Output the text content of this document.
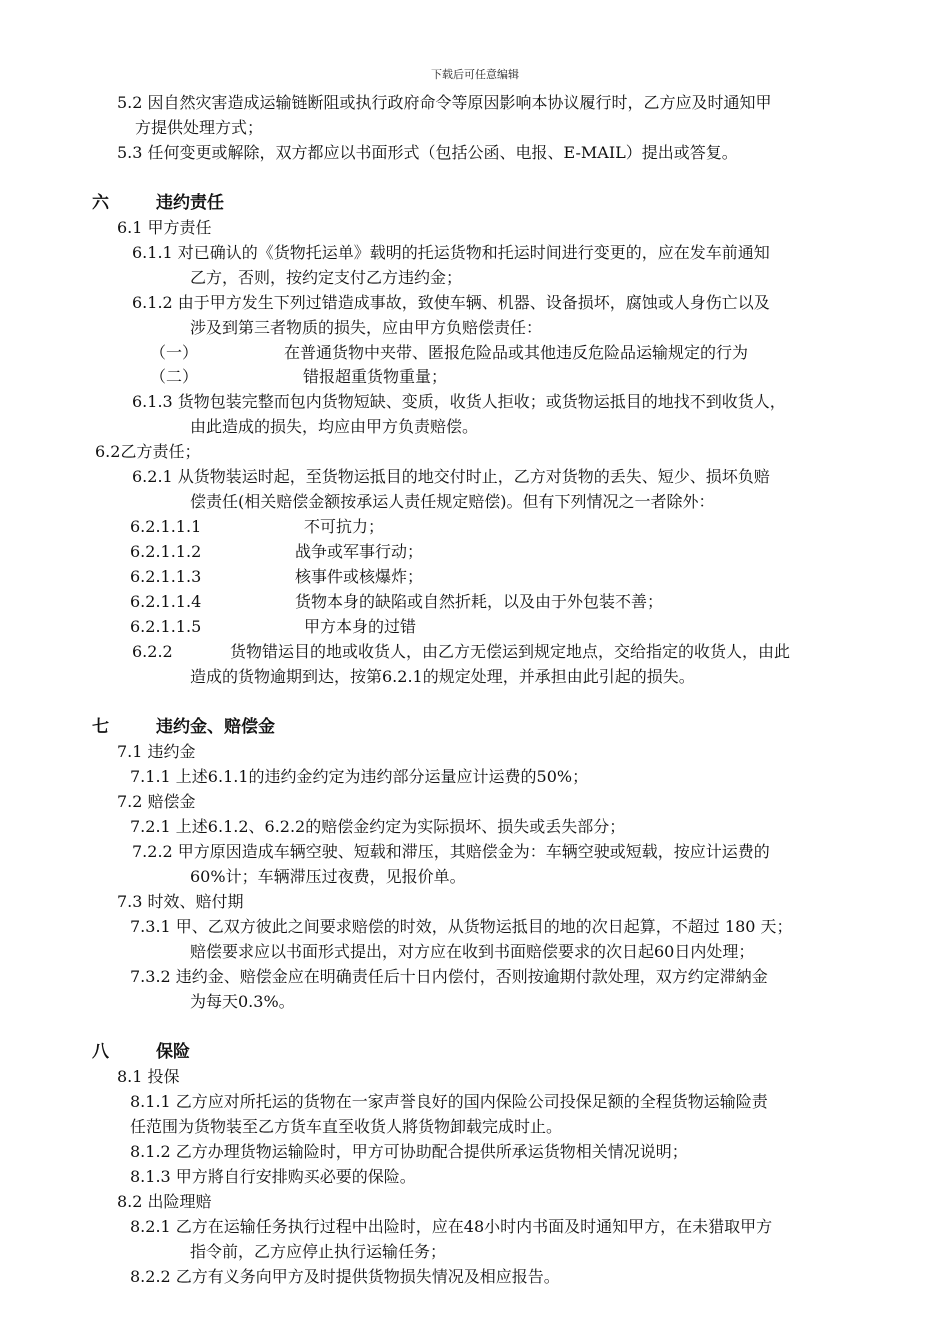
下载后可任意编辑
5.2 因自然灾害造成运输链断阻或执行政府命令等原因影响本协议履行时，乙方应及时通知甲
方提供处理方式；
5.3 任何变更或解除，双方都应以书面形式（包括公函、电报、E-MAIL）提出或答复。
六	违约责任
6.1 甲方责任
6.1.1 对已确认的《货物托运单》载明的托运货物和托运时间进行变更的，应在发车前通知
乙方，否则，按约定支付乙方违约金；
6.1.2 由于甲方发生下列过错造成事故，致使车辆、机器、设备损坏，腐蚀或人身伤亡以及
涉及到第三者物质的损失，应由甲方负赔偿责任：
（一）	在普通货物中夹带、匿报危险品或其他违反危险品运输规定的行为
（二）	错报超重货物重量；
6.1.3 货物包装完整而包内货物短缺、变质，收货人拒收；或货物运抵目的地找不到收货人，
由此造成的损失，均应由甲方负责赔偿。
6.2乙方责任；
6.2.1 从货物装运时起，至货物运抵目的地交付时止，乙方对货物的丢失、短少、损坏负赔
偿责任(相关赔偿金额按承运人责任规定赔偿)。但有下列情况之一者除外：
6.2.1.1.1	不可抗力；
6.2.1.1.2	战争或军事行动；
6.2.1.1.3	核事件或核爆炸；
6.2.1.1.4	货物本身的缺陷或自然折耗，以及由于外包装不善；
6.2.1.1.5	甲方本身的过错
6.2.2	货物错运目的地或收货人，由乙方无偿运到规定地点，交给指定的收货人，由此
造成的货物逾期到达，按第6.2.1的规定处理，并承担由此引起的损失。
七	违约金、赔偿金
7.1 违约金
7.1.1 上述6.1.1的违约金约定为违约部分运量应计运费的50%；
7.2 赔偿金
7.2.1 上述6.1.2、6.2.2的赔偿金约定为实际损坏、损失或丢失部分；
7.2.2 甲方原因造成车辆空驶、短载和滞压，其赔偿金为：车辆空驶或短载，按应计运费的
60%计；车辆滞压过夜费，见报价单。
7.3 时效、赔付期
7.3.1 甲、乙双方彼此之间要求赔偿的时效，从货物运抵目的地的次日起算，不超过 180 天；
赔偿要求应以书面形式提出，对方应在收到书面赔偿要求的次日起60日内处理；
7.3.2 违约金、赔偿金应在明确责任后十日内偿付，否则按逾期付款处理，双方约定滞納金
为每天0.3%。
八	保险
8.1 投保
8.1.1 乙方应对所托运的货物在一家声誉良好的国内保险公司投保足额的全程货物运输险责
任范围为货物装至乙方货车直至收货人將货物卸载完成时止。
8.1.2 乙方办理货物运输险时，甲方可协助配合提供所承运货物相关情况说明；
8.1.3 甲方將自行安排购买必要的保险。
8.2 出险理赔
8.2.1 乙方在运输任务执行过程中出险时，应在48小时内书面及时通知甲方，在未猎取甲方
指令前，乙方应停止执行运输任务；
8.2.2 乙方有义务向甲方及时提供货物损失情况及相应报告。
